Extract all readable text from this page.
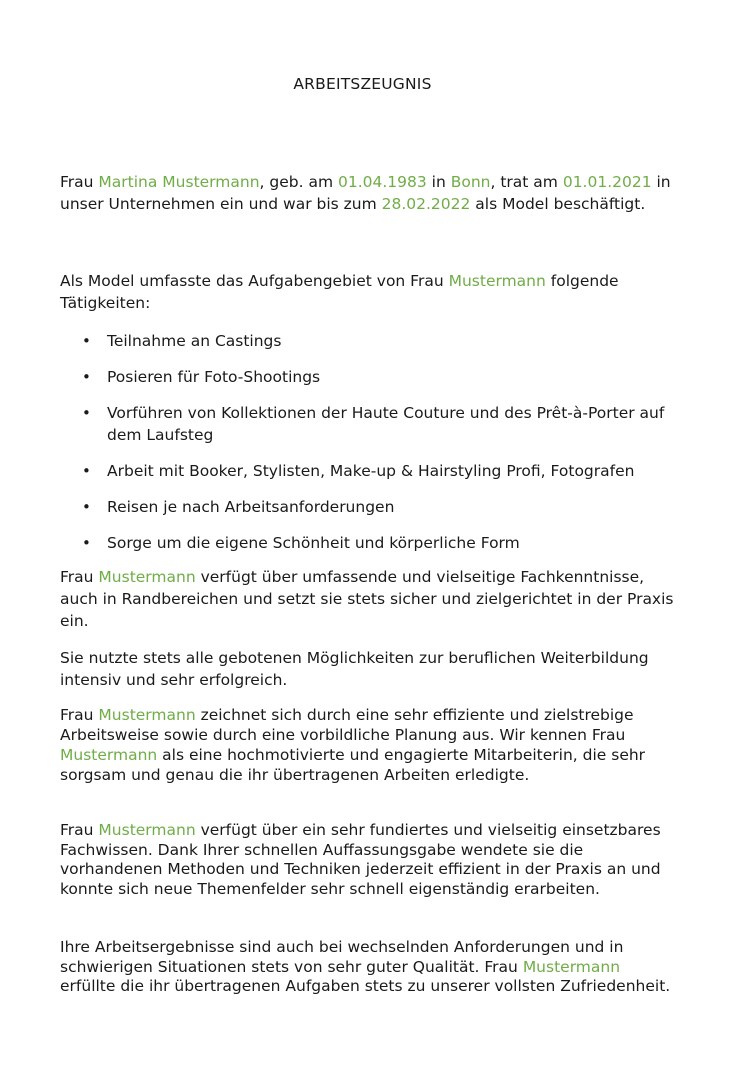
ARBEITSZEUGNIS
Frau Martina Mustermann, geb. am 01.04.1983 in Bonn, trat am 01.01.2021 in unser Unternehmen ein und war bis zum 28.02.2022 als Model beschäftigt.
Als Model umfasste das Aufgabengebiet von Frau Mustermann folgende Tätigkeiten:
• Teilnahme an Castings
• Posieren für Foto-Shootings
• Vorführen von Kollektionen der Haute Couture und des Prêt-à-Porter auf dem Laufsteg
• Arbeit mit Booker, Stylisten, Make-up & Hairstyling Profi, Fotografen
• Reisen je nach Arbeitsanforderungen
• Sorge um die eigene Schönheit und körperliche Form
Frau Mustermann verfügt über umfassende und vielseitige Fachkenntnisse, auch in Randbereichen und setzt sie stets sicher und zielgerichtet in der Praxis ein.
Sie nutzte stets alle gebotenen Möglichkeiten zur beruflichen Weiterbildung intensiv und sehr erfolgreich.
Frau Mustermann zeichnet sich durch eine sehr effiziente und zielstrebige Arbeitsweise sowie durch eine vorbildliche Planung aus. Wir kennen Frau Mustermann als eine hochmotivierte und engagierte Mitarbeiterin, die sehr sorgsam und genau die ihr übertragenen Arbeiten erledigte.
Frau Mustermann verfügt über ein sehr fundiertes und vielseitig einsetzbares Fachwissen. Dank Ihrer schnellen Auffassungsgabe wendete sie die vorhandenen Methoden und Techniken jederzeit effizient in der Praxis an und konnte sich neue Themenfelder sehr schnell eigenständig erarbeiten.
Ihre Arbeitsergebnisse sind auch bei wechselnden Anforderungen und in schwierigen Situationen stets von sehr guter Qualität. Frau Mustermann erfüllte die ihr übertragenen Aufgaben stets zu unserer vollsten Zufriedenheit.
